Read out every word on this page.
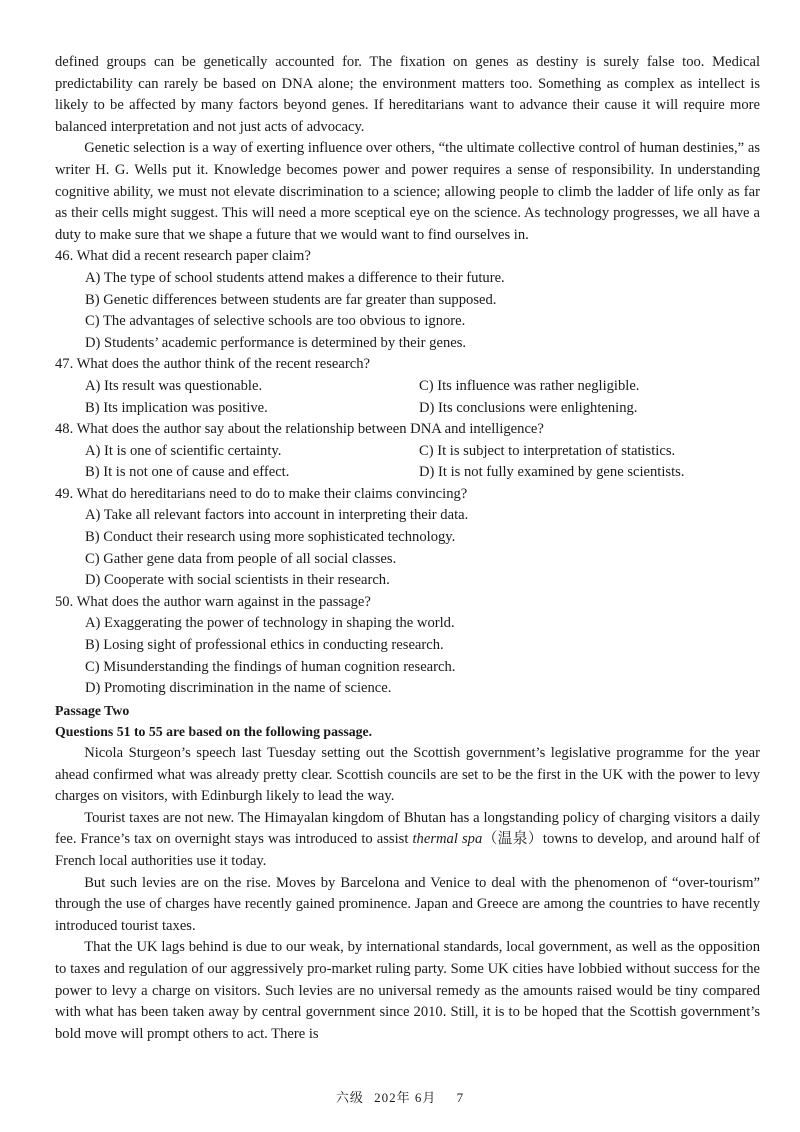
defined groups can be genetically accounted for. The fixation on genes as destiny is surely false too. Medical predictability can rarely be based on DNA alone; the environment matters too. Something as complex as intellect is likely to be affected by many factors beyond genes. If hereditarians want to advance their cause it will require more balanced interpretation and not just acts of advocacy.

Genetic selection is a way of exerting influence over others, “the ultimate collective control of human destinies,” as writer H. G. Wells put it. Knowledge becomes power and power requires a sense of responsibility. In understanding cognitive ability, we must not elevate discrimination to a science; allowing people to climb the ladder of life only as far as their cells might suggest. This will need a more sceptical eye on the science. As technology progresses, we all have a duty to make sure that we shape a future that we would want to find ourselves in.

46. What did a recent research paper claim?

A) The type of school students attend makes a difference to their future.

B) Genetic differences between students are far greater than supposed.

C) The advantages of selective schools are too obvious to ignore.

D) Students’ academic performance is determined by their genes.

47. What does the author think of the recent research?

A) Its result was questionable.	C) Its influence was rather negligible.
B) Its implication was positive.	D) Its conclusions were enlightening.

48. What does the author say about the relationship between DNA and intelligence?

A) It is one of scientific certainty.	C) It is subject to interpretation of statistics.
B) It is not one of cause and effect.	D) It is not fully examined by gene scientists.

49. What do hereditarians need to do to make their claims convincing?

A) Take all relevant factors into account in interpreting their data.

B) Conduct their research using more sophisticated technology.

C) Gather gene data from people of all social classes.

D) Cooperate with social scientists in their research.

50. What does the author warn against in the passage?

A) Exaggerating the power of technology in shaping the world.

B) Losing sight of professional ethics in conducting research.

C) Misunderstanding the findings of human cognition research.

D) Promoting discrimination in the name of science.

Passage Two

Questions 51 to 55 are based on the following passage.

Nicola Sturgeon’s speech last Tuesday setting out the Scottish government’s legislative programme for the year ahead confirmed what was already pretty clear. Scottish councils are set to be the first in the UK with the power to levy charges on visitors, with Edinburgh likely to lead the way.

Tourist taxes are not new. The Himayalan kingdom of Bhutan has a longstanding policy of charging visitors a daily fee. France’s tax on overnight stays was introduced to assist thermal spa（温泉）towns to develop, and around half of French local authorities use it today.

But such levies are on the rise. Moves by Barcelona and Venice to deal with the phenomenon of “over-tourism” through the use of charges have recently gained prominence. Japan and Greece are among the countries to have recently introduced tourist taxes.

That the UK lags behind is due to our weak, by international standards, local government, as well as the opposition to taxes and regulation of our aggressively pro-market ruling party. Some UK cities have lobbied without success for the power to levy a charge on visitors. Such levies are no universal remedy as the amounts raised would be tiny compared with what has been taken away by central government since 2010. Still, it is to be hoped that the Scottish government’s bold move will prompt others to act. There is

六级 202年 6月 7
